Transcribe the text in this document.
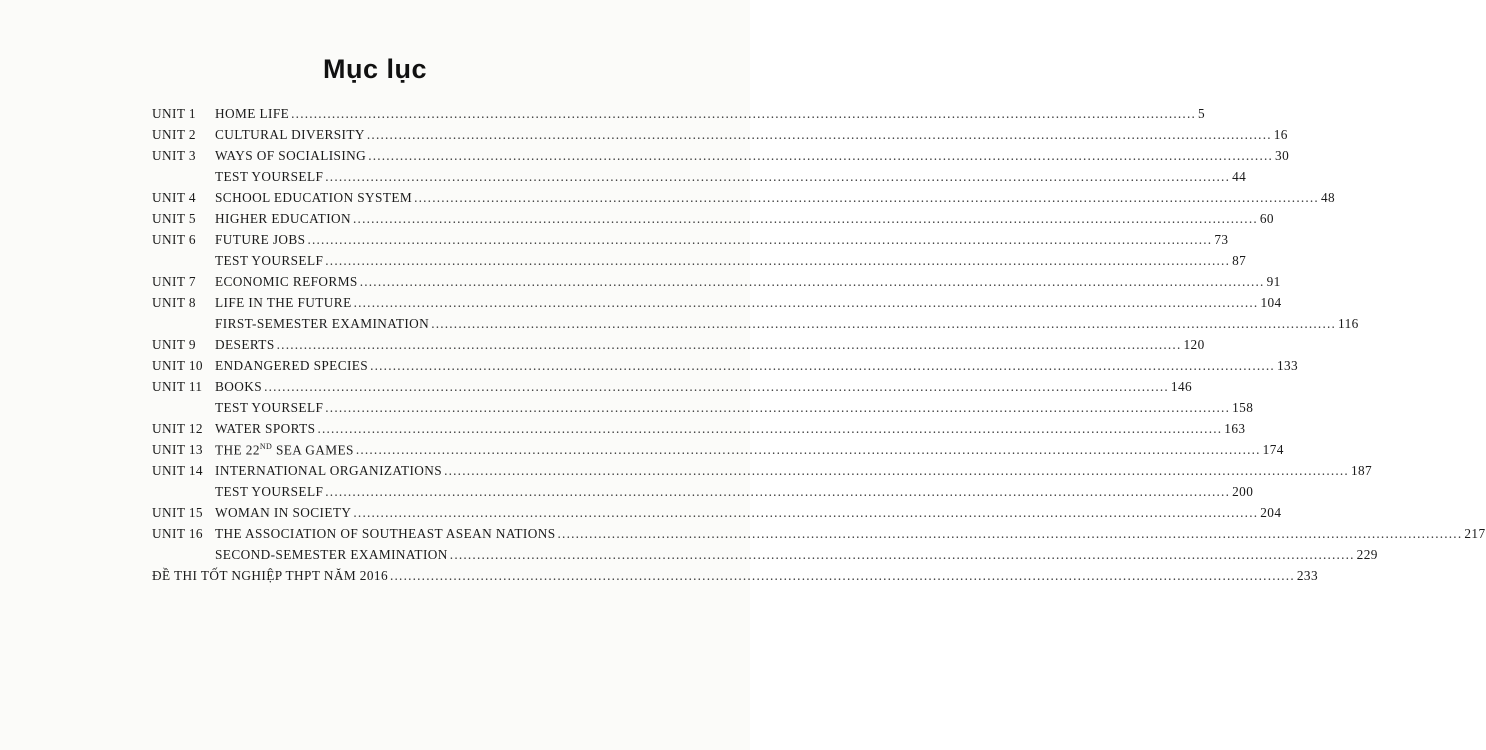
Mục lục
UNIT 1	HOME LIFE ........................................................................................................................................................................................................ 5
UNIT 2	CULTURAL DIVERSITY ........................................................................................................................................................................................................ 16
UNIT 3	WAYS OF SOCIALISING ........................................................................................................................................................................................................ 30
TEST YOURSELF ........................................................................................................................................................................................................ 44
UNIT 4	SCHOOL EDUCATION SYSTEM ........................................................................................................................................................................................................ 48
UNIT 5	HIGHER EDUCATION ........................................................................................................................................................................................................ 60
UNIT 6	FUTURE JOBS ........................................................................................................................................................................................................ 73
TEST YOURSELF ........................................................................................................................................................................................................ 87
UNIT 7	ECONOMIC REFORMS ........................................................................................................................................................................................................ 91
UNIT 8	LIFE IN THE FUTURE ........................................................................................................................................................................................................ 104
FIRST-SEMESTER EXAMINATION ........................................................................................................................................................................................................ 116
UNIT 9	DESERTS ........................................................................................................................................................................................................ 120
UNIT 10 ENDANGERED SPECIES ........................................................................................................................................................................................................ 133
UNIT 11 BOOKS ........................................................................................................................................................................................................ 146
TEST YOURSELF ........................................................................................................................................................................................................ 158
UNIT 12 WATER SPORTS ........................................................................................................................................................................................................ 163
UNIT 13 THE 22ND SEA GAMES ........................................................................................................................................................................................................ 174
UNIT 14 INTERNATIONAL ORGANIZATIONS ........................................................................................................................................................................................................ 187
TEST YOURSELF ........................................................................................................................................................................................................ 200
UNIT 15 WOMAN IN SOCIETY ........................................................................................................................................................................................................ 204
UNIT 16 THE ASSOCIATION OF SOUTHEAST ASEAN NATIONS ........................................................................................................................................................................................................ 217
SECOND-SEMESTER EXAMINATION ........................................................................................................................................................................................................ 229
ĐỀ THI TỐT NGHIỆP THPT NĂM 2016 ........................................................................................................................................................................................................ 233
